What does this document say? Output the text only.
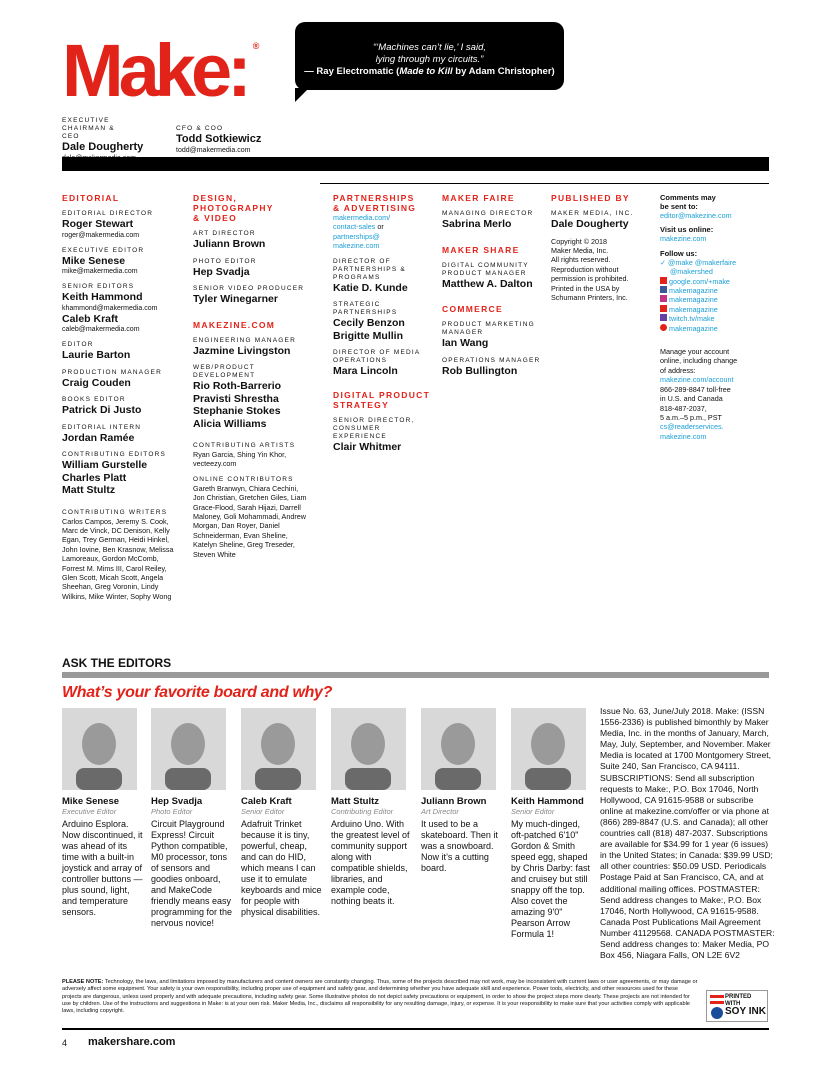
Make: ®	“‘Machines can’t lie,’ I said,
lying through my circuits.”
— Ray Electromatic (Made to Kill by Adam Christopher)
EXECUTIVE CHAIRMAN & CEO
Dale Dougherty
CFO & COO
Todd Sotkiewicz
todd@makermedia.com
EDITORIAL
EDITORIAL DIRECTOR
Roger Stewart
roger@makermedia.com
EXECUTIVE EDITOR
Mike Senese
mike@makermedia.com
SENIOR EDITORS
Keith Hammond
khammond@makermedia.com
Caleb Kraft
caleb@makermedia.com
EDITOR
Laurie Barton
PRODUCTION MANAGER
Craig Couden
BOOKS EDITOR
Patrick Di Justo
EDITORIAL INTERN
Jordan Ramée
CONTRIBUTING EDITORS
William Gurstelle
Charles Platt
Matt Stultz
CONTRIBUTING WRITERS
Carlos Campos, Jeremy S. Cook, Marc de Vinck, DC Denison, Kelly Egan, Trey German, Heidi Hinkel, John Iovine, Ben Krasnow, Melissa Lamoreaux, Gordon McComb, Forrest M. Mims III, Carol Reiley, Glen Scott, Micah Scott, Angela Sheehan, Greg Voronin, Lindy Wilkins, Mike Winter, Sophy Wong
DESIGN,
PHOTOGRAPHY
& VIDEO
ART DIRECTOR
Juliann Brown
PHOTO EDITOR
Hep Svadja
SENIOR VIDEO PRODUCER
Tyler Winegarner
MAKEZINE.COM
ENGINEERING MANAGER
Jazmine Livingston
WEB/PRODUCT
DEVELOPMENT
Rio Roth-Barrerio
Pravisti Shrestha
Stephanie Stokes
Alicia Williams
CONTRIBUTING ARTISTS
Ryan Garcia, Shing Yin Khor, vecteezy.com
ONLINE CONTRIBUTORS
Gareth Branwyn, Chiara Cechini, Jon Christian, Gretchen Giles, Liam Grace-Flood, Sarah Hijazi, Darrell Maloney, Goli Mohammadi, Andrew Morgan, Dan Royer, Daniel Schneiderman, Evan Sheline, Katelyn Sheline, Greg Treseder, Steven White
PARTNERSHIPS
& ADVERTISING
makermedia.com/
contact-sales or
partnerships@
makezine.com
DIRECTOR OF
PARTNERSHIPS &
PROGRAMS
Katie D. Kunde
STRATEGIC
PARTNERSHIPS
Cecily Benzon
Brigitte Mullin
DIRECTOR OF MEDIA
OPERATIONS
Mara Lincoln
DIGITAL PRODUCT
STRATEGY
SENIOR DIRECTOR,
CONSUMER
EXPERIENCE
Clair Whitmer
MAKER FAIRE
MANAGING DIRECTOR
Sabrina Merlo
MAKER SHARE
DIGITAL COMMUNITY
PRODUCT MANAGER
Matthew A. Dalton
COMMERCE
PRODUCT MARKETING
MANAGER
Ian Wang
OPERATIONS MANAGER
Rob Bullington
PUBLISHED BY
MAKER MEDIA, INC.
Dale Dougherty
Copyright © 2018
Maker Media, Inc.
All rights reserved.
Reproduction without
permission is prohibited.
Printed in the USA by
Schumann Printers, Inc.
Comments may
be sent to:
editor@makezine.com
Visit us online:
makezine.com
Follow us:
✓ @make @makerfaire
@makershed
google.com/+make
makemagazine
makemagazine
makemagazine
twitch.tv/make
makemagazine
Manage your account
online, including change
of address:
makezine.com/account
866-289-8847 toll-free
in U.S. and Canada
818-487-2037,
5 a.m.–5 p.m., PST
cs@readerservices.
makezine.com
ASK THE EDITORS
What’s your favorite board and why?
Mike Senese
Executive Editor
Arduino Esplora. Now discontinued, it was ahead of its time with a built-in joystick and array of controller buttons — plus sound, light, and temperature sensors.
Hep Svadja
Photo Editor
Circuit Playground Express! Circuit Python compatible, M0 processor, tons of sensors and goodies onboard, and MakeCode friendly means easy programming for the nervous novice!
Caleb Kraft
Senior Editor
Adafruit Trinket because it is tiny, powerful, cheap, and can do HID, which means I can use it to emulate keyboards and mice for people with physical disabilities.
Matt Stultz
Contributing Editor
Arduino Uno. With the greatest level of community support along with compatible shields, libraries, and example code, nothing beats it.
Juliann Brown
Art Director
It used to be a skateboard. Then it was a snowboard. Now it’s a cutting board.
Keith Hammond
Senior Editor
My much-dinged, oft-patched 6'10" Gordon & Smith speed egg, shaped by Chris Darby: fast and cruisey but still snappy off the top. Also covet the amazing 9'0" Pearson Arrow Formula 1!
Issue No. 63, June/July 2018. Make: (ISSN 1556-2336) is published bimonthly by Maker Media, Inc. in the months of January, March, May, July, September, and November. Maker Media is located at 1700 Montgomery Street, Suite 240, San Francisco, CA 94111. SUBSCRIPTIONS: Send all subscription requests to Make:, P.O. Box 17046, North Hollywood, CA 91615-9588 or subscribe online at makezine.com/offer or via phone at (866) 289-8847 (U.S. and Canada); all other countries call (818) 487-2037. Subscriptions are available for $34.99 for 1 year (6 issues) in the United States; in Canada: $39.99 USD; all other countries: $50.09 USD. Periodicals Postage Paid at San Francisco, CA, and at additional mailing offices. POSTMASTER: Send address changes to Make:, P.O. Box 17046, North Hollywood, CA 91615-9588. Canada Post Publications Mail Agreement Number 41129568. CANADA POSTMASTER: Send address changes to: Maker Media, PO Box 456, Niagara Falls, ON L2E 6V2
PLEASE NOTE: Technology, the laws, and limitations imposed by manufacturers and content owners are constantly changing. Thus, some of the projects described may not work, may be inconsistent with current laws or user agreements, or may damage or adversely affect some equipment. Your safety is your own responsibility, including proper use of equipment and safety gear, and determining whether you have adequate skill and experience. Power tools, electricity, and other resources used for these projects are dangerous, unless used properly and with adequate precautions, including safety gear. Some illustrative photos do not depict safety precautions or equipment, in order to show the project steps more clearly. These projects are not intended for use by children. Use of the instructions and suggestions in Make: is at your own risk. Maker Media, Inc., disclaims all responsibility for any resulting damage, injury, or expense. It is your responsibility to make sure that your activities comply with applicable laws, including copyright.
PRINTED WITH
SOY INK
4 makershare.com
